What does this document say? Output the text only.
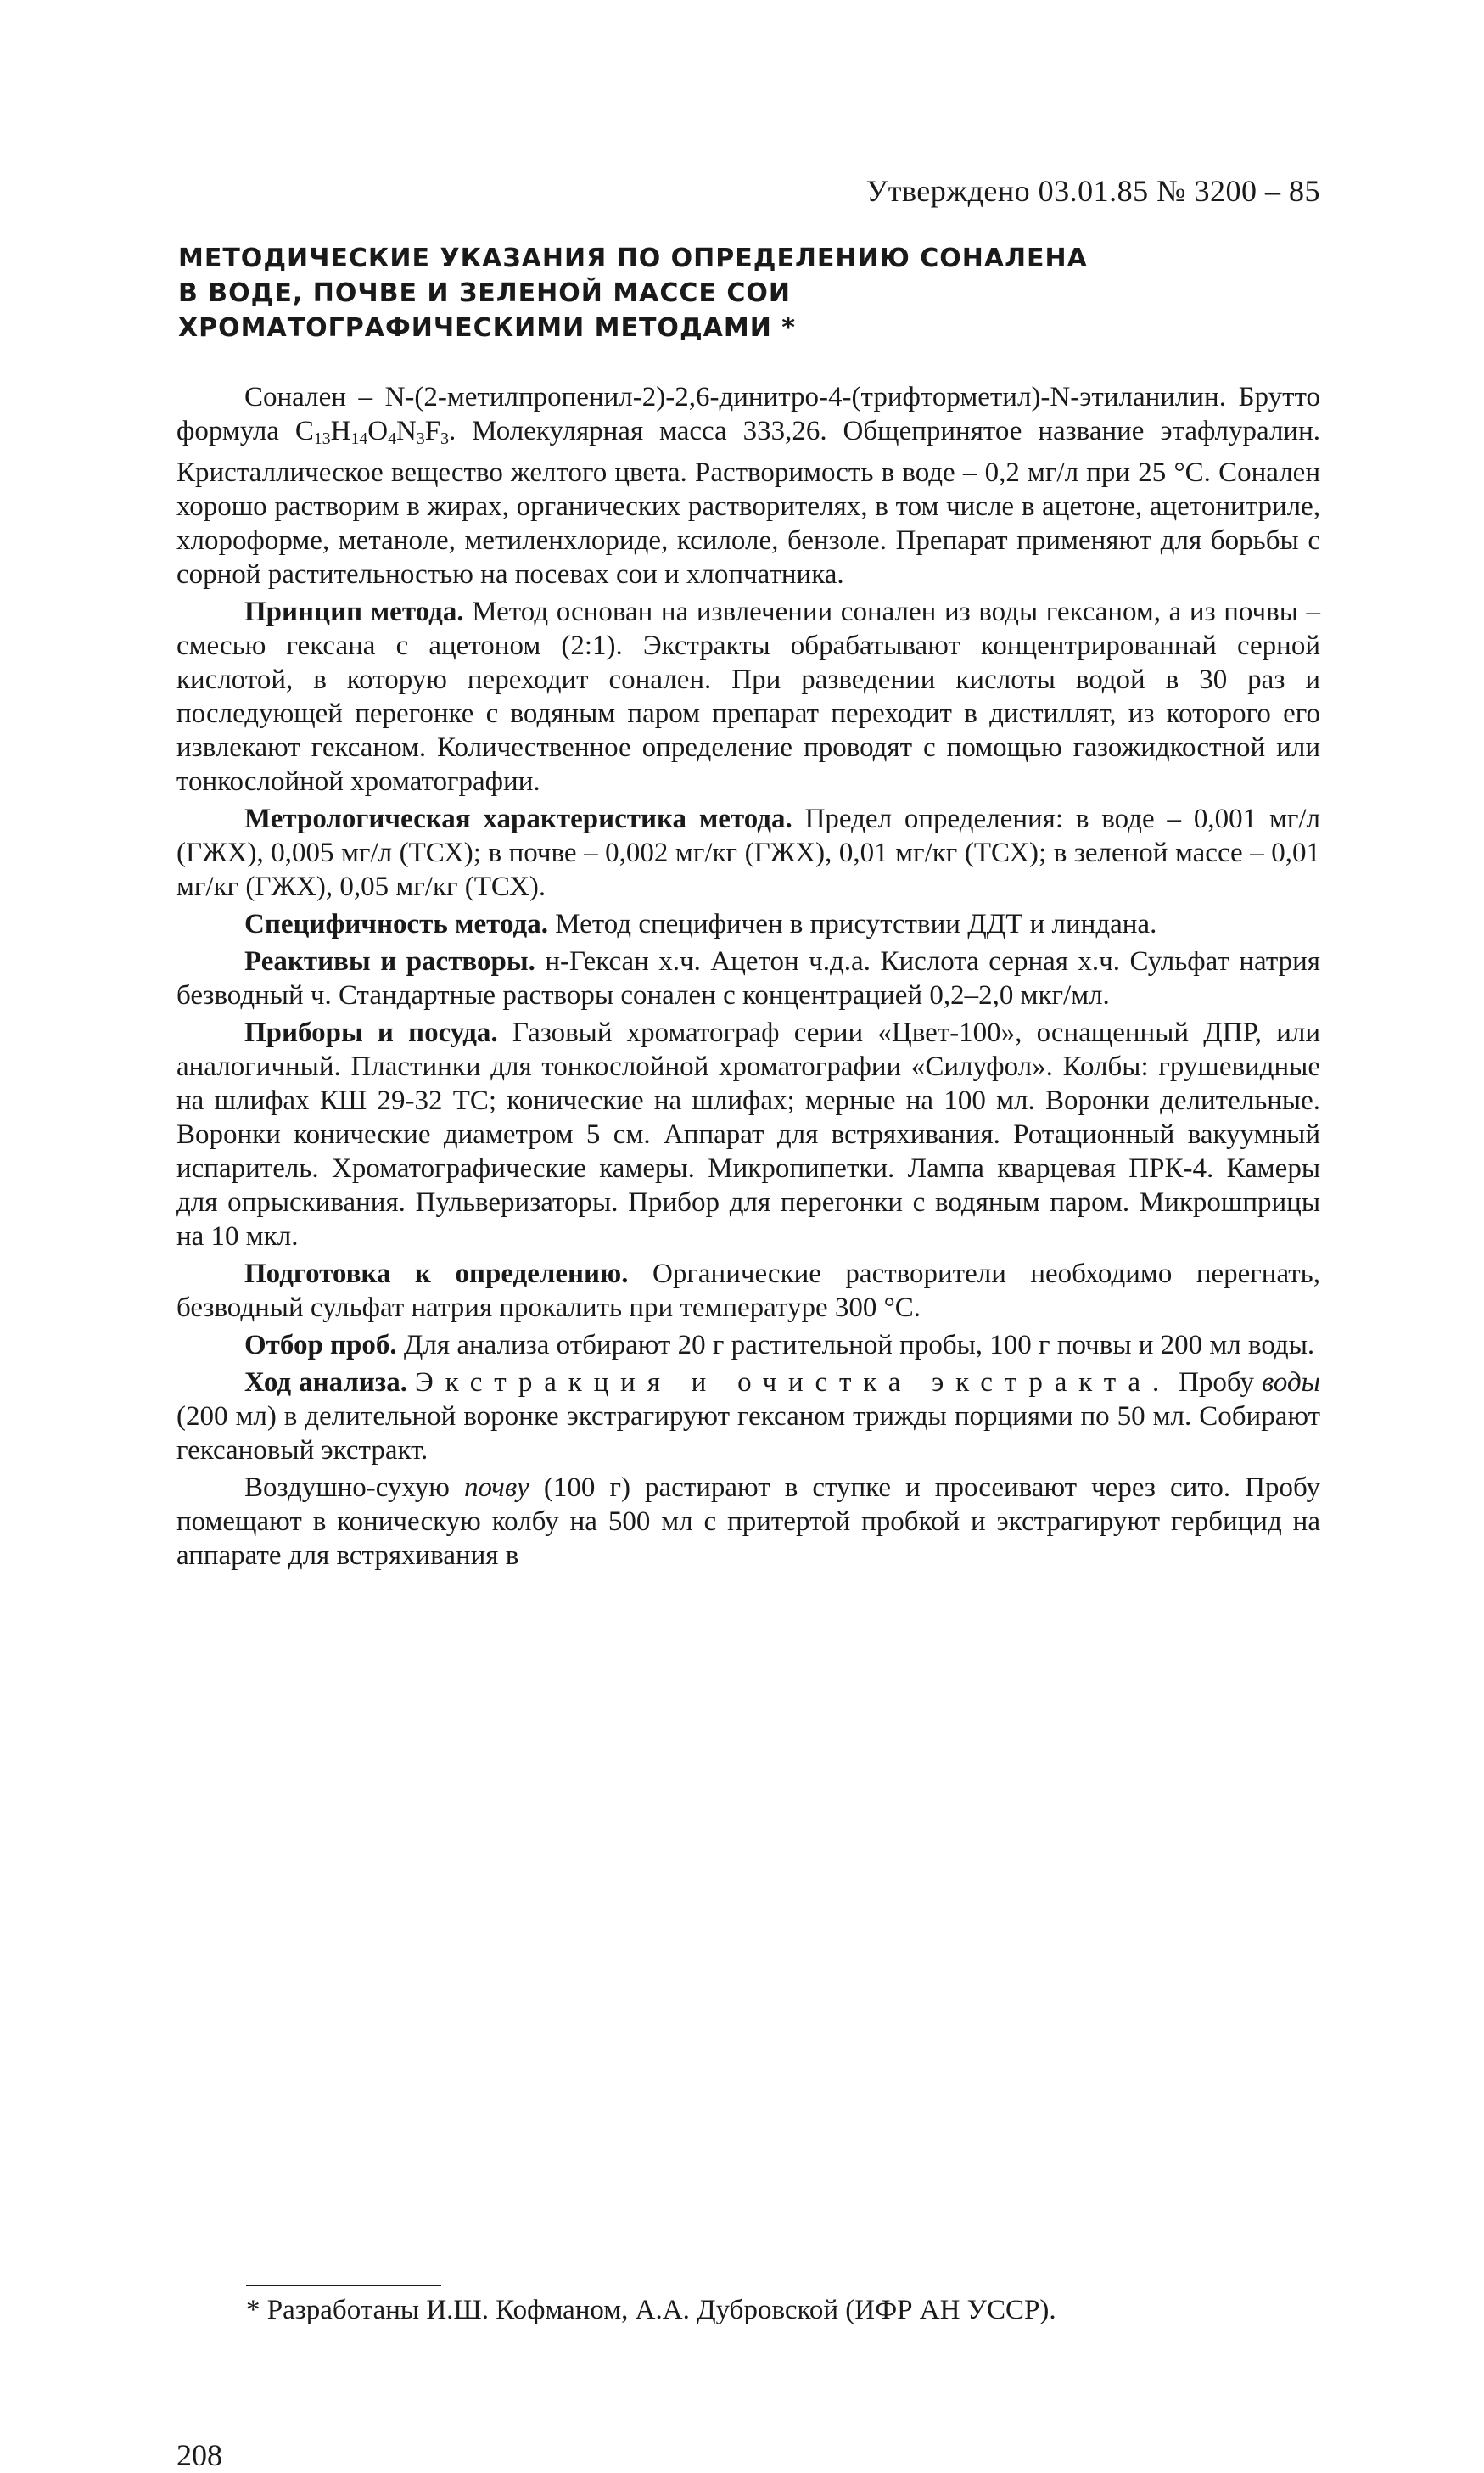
Утверждено 03.01.85 № 3200 – 85
МЕТОДИЧЕСКИЕ УКАЗАНИЯ ПО ОПРЕДЕЛЕНИЮ СОНАЛЕНА
В ВОДЕ, ПОЧВЕ И ЗЕЛЕНОЙ МАССЕ СОИ
ХРОМАТОГРАФИЧЕСКИМИ МЕТОДАМИ *

Соналeн – N-(2-метилпропенил-2)-2,6-динитро-4-(трифторметил)-N-этиланилин. Брутто формула $C_{13}H_{14}O_4N_3F_3$. Молекулярная масса 333,26. Общепринятое название этафлуралин. Кристаллическое вещество желтого цвета. Растворимость в воде – 0,2 мг/л при 25 °С. Сонален хорошо растворим в жирах, органических растворителях, в том числе в ацетоне, ацетонитриле, хлороформе, метаноле, метиленхлориде, ксилоле, бензоле. Препарат применяют для борьбы с сорной растительностью на посевах сои и хлопчатника.

Принцип метода. Метод основан на извлечении сонален из воды гексаном, а из почвы – смесью гексана с ацетоном (2:1). Экстракты обрабатывают концентрированнай серной кислотой, в которую переходит сонален. При разведении кислоты водой в 30 раз и последующей перегонке с водяным паром препарат переходит в дистиллят, из которого его извлекают гексаном. Количественное определение проводят с помощью газожидкостной или тонкослойной хроматографии.

Метрологическая характеристика метода. Предел определения: в воде – 0,001 мг/л (ГЖХ), 0,005 мг/л (ТСХ); в почве – 0,002 мг/кг (ГЖХ), 0,01 мг/кг (ТСХ); в зеленой массе – 0,01 мг/кг (ГЖХ), 0,05 мг/кг (ТСХ).

Специфичность метода. Метод специфичен в присутствии ДДТ и линдана.

Реактивы и растворы. н-Гексан х.ч. Ацетон ч.д.а. Кислота серная х.ч. Сульфат натрия безводный ч. Стандартные растворы сонален с концентрацией 0,2–2,0 мкг/мл.

Приборы и посуда. Газовый хроматограф серии «Цвет-100», оснащенный ДПР, или аналогичный. Пластинки для тонкослойной хроматографии «Силуфол». Колбы: грушевидные на шлифах КШ 29-32 ТС; конические на шлифах; мерные на 100 мл. Воронки делительные. Воронки конические диаметром 5 см. Аппарат для встряхивания. Ротационный вакуумный испаритель. Хроматографические камеры. Микропипетки. Лампа кварцевая ПРК-4. Камеры для опрыскивания. Пульверизаторы. Прибор для перегонки с водяным паром. Микрошприцы на 10 мкл.

Подготовка к определению. Органические растворители необходимо перегнать, безводный сульфат натрия прокалить при температуре 300 °С.

Отбор проб. Для анализа отбирают 20 г растительной пробы, 100 г почвы и 200 мл воды.

Ход анализа. Экстракция и очистка экстракта. Пробу воды (200 мл) в делительной воронке экстрагируют гексаном трижды порциями по 50 мл. Собирают гексановый экстракт.

Воздушно-сухую почву (100 г) растирают в ступке и просеивают через сито. Пробу помещают в коническую колбу на 500 мл с притертой пробкой и экстрагируют гербицид на аппарате для встряхивания в

* Разработаны И.Ш. Кофманом, А.А. Дубровской (ИФР АН УССР).
208
